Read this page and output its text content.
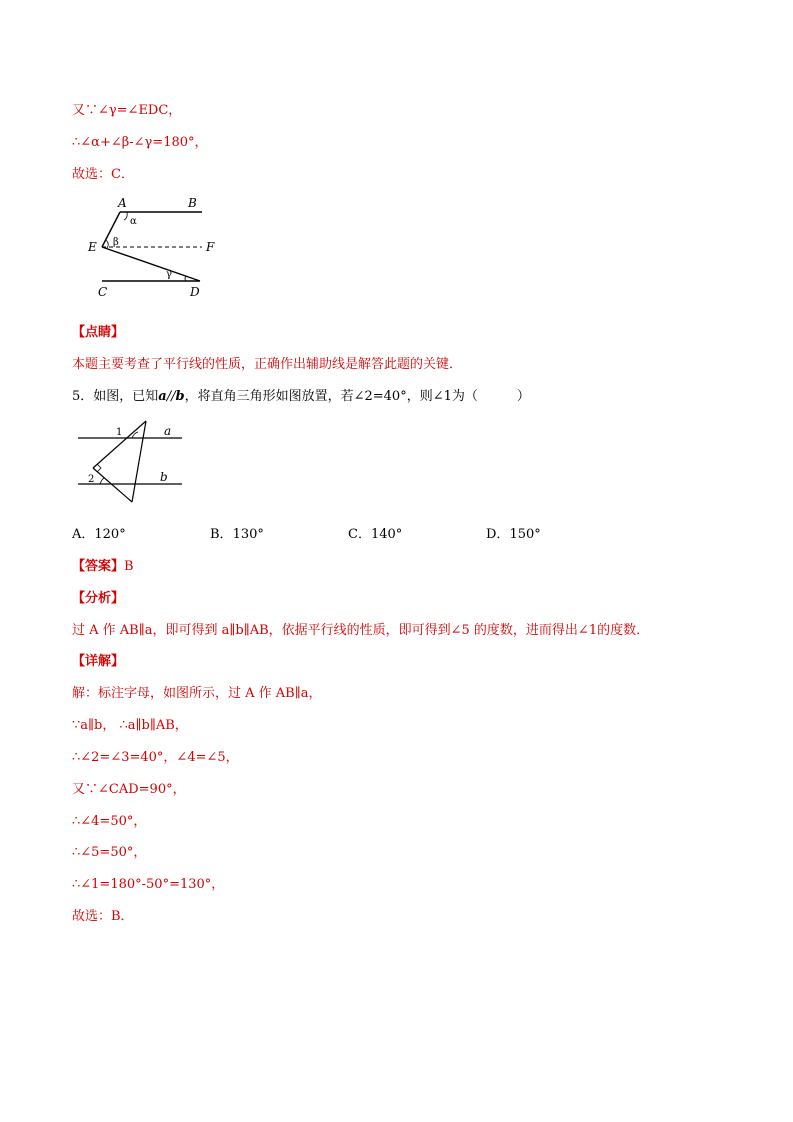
又∵∠γ=∠EDC，
∴∠α+∠β-∠γ=180°，
故选：C．
A	B
α
E β	F
γ
C	D
【点睛】
本题主要考查了平行线的性质，正确作出辅助线是解答此题的关键．
5．如图，已知a//b，将直角三角形如图放置，若∠2=40°，则∠1为（　　　）
1	a
2	b
A．120°	B．130°	C．140°	D．150°
【答案】B
【分析】
过 A 作 AB∥a，即可得到 a∥b∥AB，依据平行线的性质，即可得到∠5 的度数，进而得出∠1的度数．
【详解】
解：标注字母，如图所示，过 A 作 AB∥a，
∵a∥b， ∴a∥b∥AB，
∴∠2=∠3=40°，∠4=∠5，
又∵∠CAD=90°，
∴∠4=50°，
∴∠5=50°，
∴∠1=180°-50°=130°，
故选：B．
